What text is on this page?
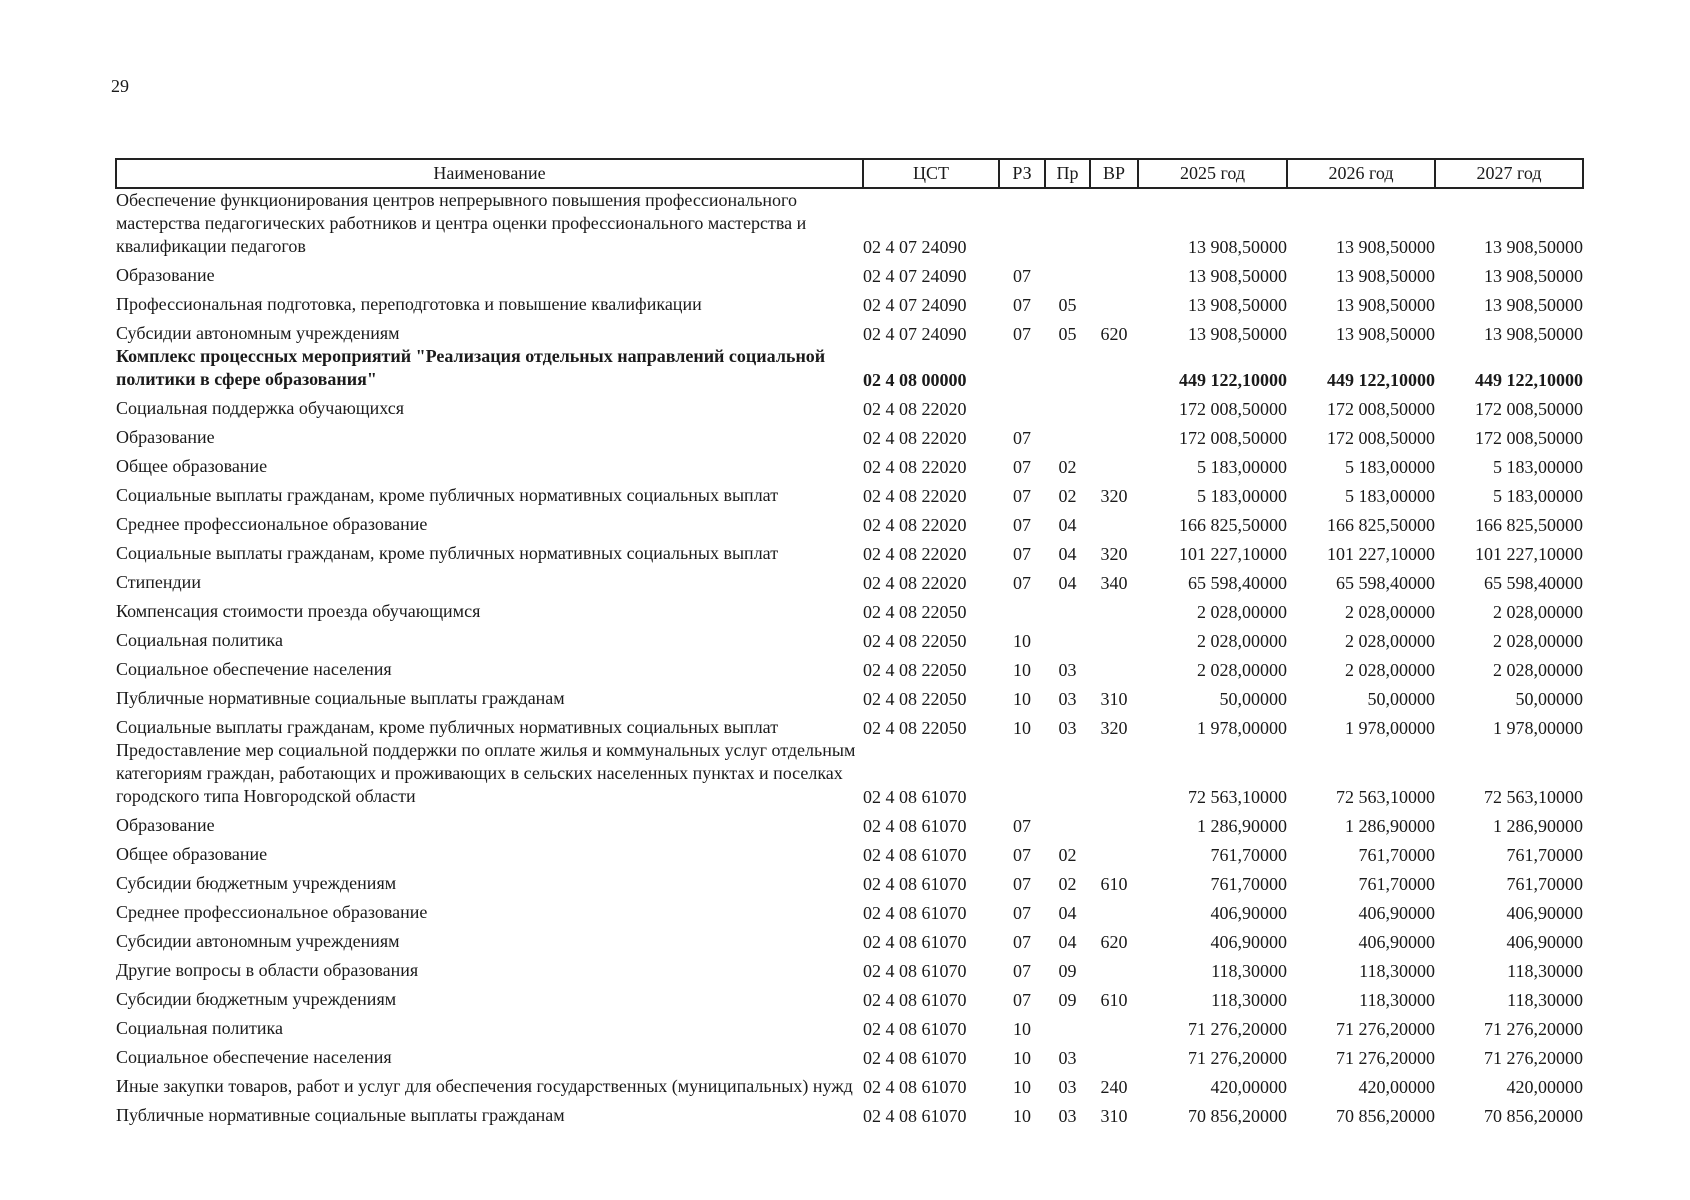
29
Наименование	ЦСТ	РЗ	Пр	ВР	2025 год	2026 год	2027 год
Обеспечение функционирования центров непрерывного повышения профессионального мастерства педагогических работников и центра оценки профессионального мастерства и квалификации педагогов	02 4 07 24090				13 908,50000	13 908,50000	13 908,50000
Образование	02 4 07 24090	07			13 908,50000	13 908,50000	13 908,50000
Профессиональная подготовка, переподготовка и повышение квалификации	02 4 07 24090	07	05		13 908,50000	13 908,50000	13 908,50000
Субсидии автономным учреждениям	02 4 07 24090	07	05	620	13 908,50000	13 908,50000	13 908,50000
Комплекс процессных мероприятий "Реализация отдельных направлений социальной политики в сфере образования"	02 4 08 00000				449 122,10000	449 122,10000	449 122,10000
Социальная поддержка обучающихся	02 4 08 22020				172 008,50000	172 008,50000	172 008,50000
Образование	02 4 08 22020	07			172 008,50000	172 008,50000	172 008,50000
Общее образование	02 4 08 22020	07	02		5 183,00000	5 183,00000	5 183,00000
Социальные выплаты гражданам, кроме публичных нормативных социальных выплат	02 4 08 22020	07	02	320	5 183,00000	5 183,00000	5 183,00000
Среднее профессиональное образование	02 4 08 22020	07	04		166 825,50000	166 825,50000	166 825,50000
Социальные выплаты гражданам, кроме публичных нормативных социальных выплат	02 4 08 22020	07	04	320	101 227,10000	101 227,10000	101 227,10000
Стипендии	02 4 08 22020	07	04	340	65 598,40000	65 598,40000	65 598,40000
Компенсация стоимости проезда обучающимся	02 4 08 22050				2 028,00000	2 028,00000	2 028,00000
Социальная политика	02 4 08 22050	10			2 028,00000	2 028,00000	2 028,00000
Социальное обеспечение населения	02 4 08 22050	10	03		2 028,00000	2 028,00000	2 028,00000
Публичные нормативные социальные выплаты гражданам	02 4 08 22050	10	03	310	50,00000	50,00000	50,00000
Социальные выплаты гражданам, кроме публичных нормативных социальных выплат	02 4 08 22050	10	03	320	1 978,00000	1 978,00000	1 978,00000
Предоставление мер социальной поддержки по оплате жилья и коммунальных услуг отдельным категориям граждан, работающих и проживающих в сельских населенных пунктах и поселках городского типа Новгородской области	02 4 08 61070				72 563,10000	72 563,10000	72 563,10000
Образование	02 4 08 61070	07			1 286,90000	1 286,90000	1 286,90000
Общее образование	02 4 08 61070	07	02		761,70000	761,70000	761,70000
Субсидии бюджетным учреждениям	02 4 08 61070	07	02	610	761,70000	761,70000	761,70000
Среднее профессиональное образование	02 4 08 61070	07	04		406,90000	406,90000	406,90000
Субсидии автономным учреждениям	02 4 08 61070	07	04	620	406,90000	406,90000	406,90000
Другие вопросы в области образования	02 4 08 61070	07	09		118,30000	118,30000	118,30000
Субсидии бюджетным учреждениям	02 4 08 61070	07	09	610	118,30000	118,30000	118,30000
Социальная политика	02 4 08 61070	10			71 276,20000	71 276,20000	71 276,20000
Социальное обеспечение населения	02 4 08 61070	10	03		71 276,20000	71 276,20000	71 276,20000
Иные закупки товаров, работ и услуг для обеспечения государственных (муниципальных) нужд	02 4 08 61070	10	03	240	420,00000	420,00000	420,00000
Публичные нормативные социальные выплаты гражданам	02 4 08 61070	10	03	310	70 856,20000	70 856,20000	70 856,20000
